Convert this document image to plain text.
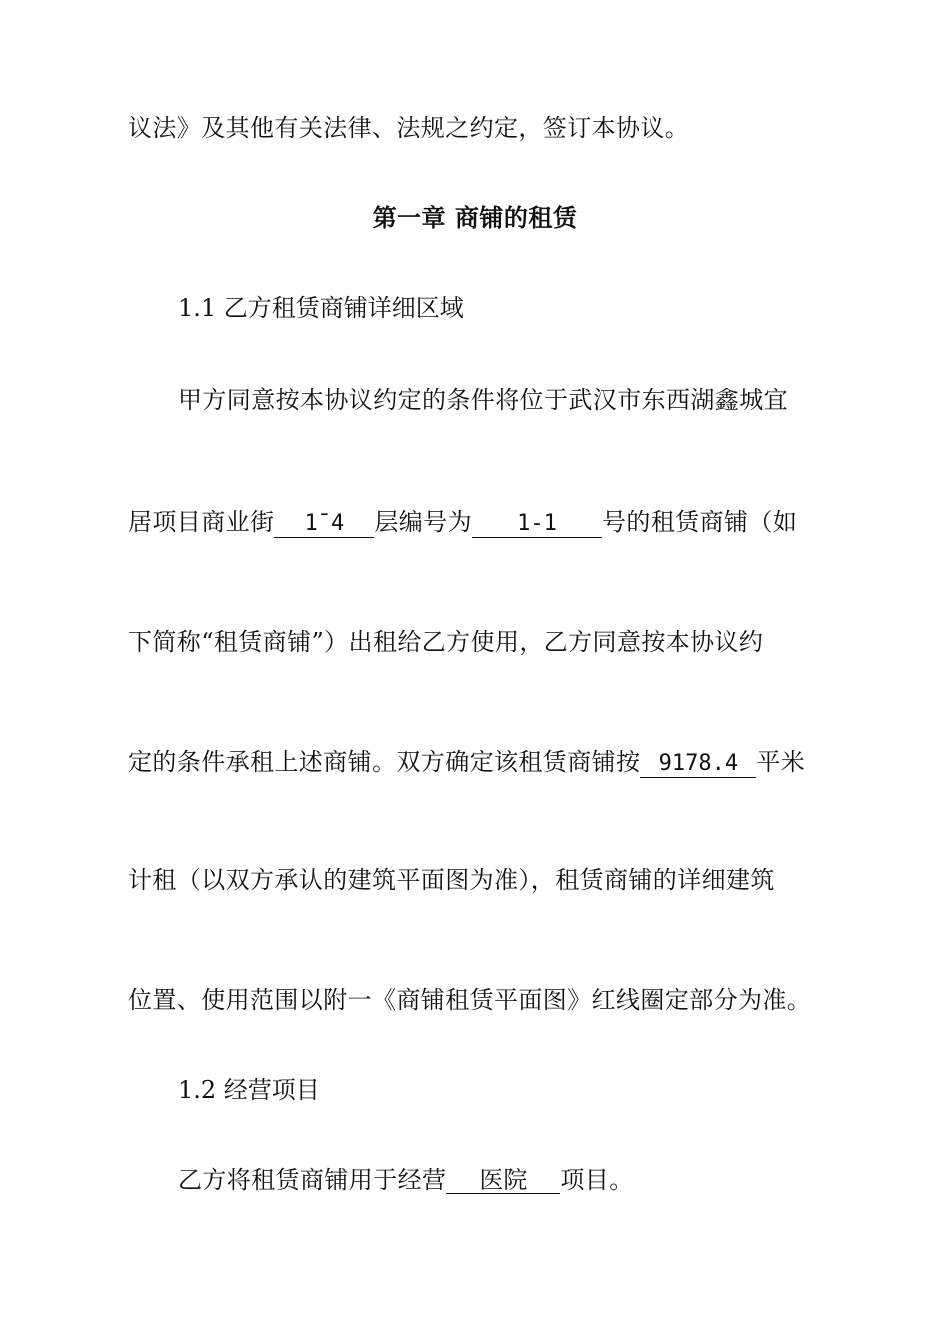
议法》及其他有关法律、法规之约定，签订本协议。
第一章 商铺的租赁
1.1 乙方租赁商铺详细区域
甲方同意按本协议约定的条件将位于武汉市东西湖鑫城宜
居项目商业街 1ˉ4 层编号为 1-1 号的租赁商铺（如
下简称“租赁商铺”）出租给乙方使用，乙方同意按本协议约
定的条件承租上述商铺。双方确定该租赁商铺按 9178.4 平米
计租（以双方承认的建筑平面图为准），租赁商铺的详细建筑
位置、使用范围以附一《商铺租赁平面图》红线圈定部分为准。
1.2 经营项目
乙方将租赁商铺用于经营 医院 项目。
